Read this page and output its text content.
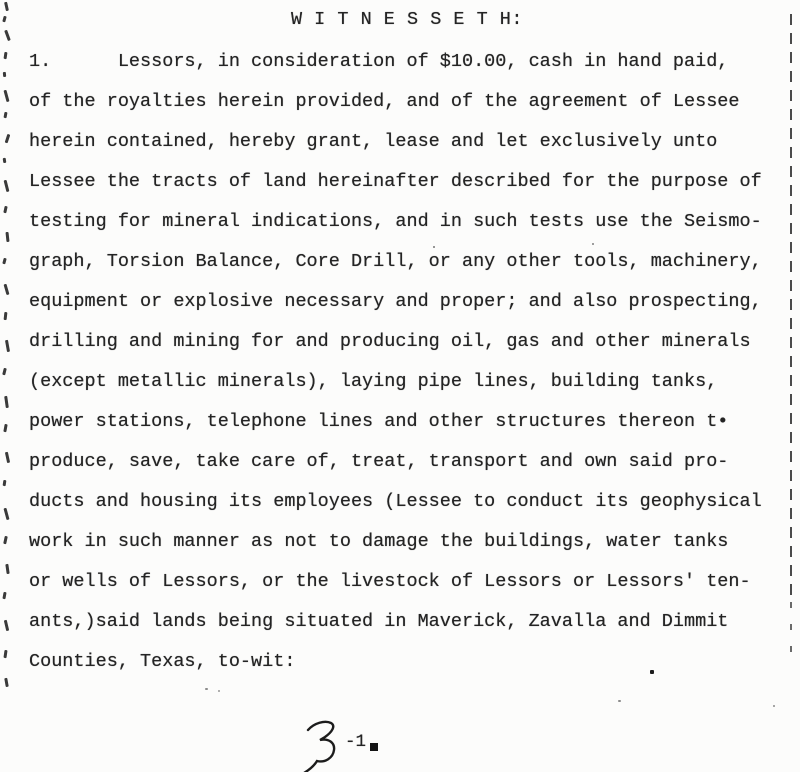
W I T N E S S E T H:
1.      Lessors, in consideration of $10.00, cash in hand paid,
of the royalties herein provided, and of the agreement of Lessee
herein contained, hereby grant, lease and let exclusively unto
Lessee the tracts of land hereinafter described for the purpose of
testing for mineral indications, and in such tests use the Seismo-
graph, Torsion Balance, Core Drill, or any other tools, machinery,
equipment or explosive necessary and proper; and also prospecting,
drilling and mining for and producing oil, gas and other minerals
(except metallic minerals), laying pipe lines, building tanks,
power stations, telephone lines and other structures thereon t•
produce, save, take care of, treat, transport and own said pro-
ducts and housing its employees (Lessee to conduct its geophysical
work in such manner as not to damage the buildings, water tanks
or wells of Lessors, or the livestock of Lessors or Lessors' ten-
ants,)said lands being situated in Maverick, Zavalla and Dimmit
Counties, Texas, to-wit:
-1
